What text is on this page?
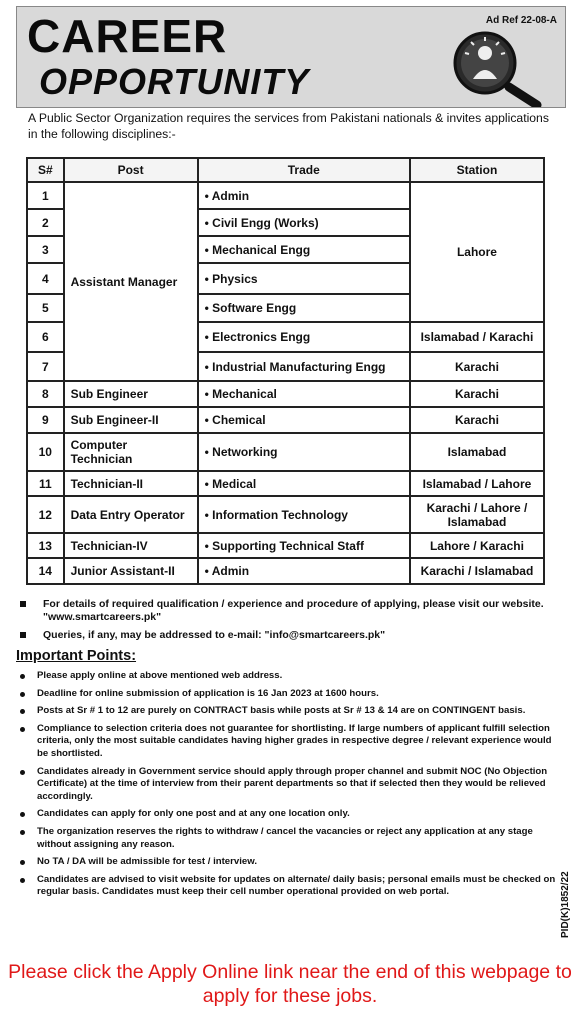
CAREER
OPPORTUNITY
Ad Ref 22-08-A
A Public Sector Organization requires the services from Pakistani nationals & invites applications in the following disciplines:-
S#	Post	Trade	Station
1	Assistant Manager	• Admin	Lahore
2		• Civil Engg (Works)
3		• Mechanical Engg
4		• Physics
5		• Software Engg
6		• Electronics Engg	Islamabad / Karachi
7		• Industrial Manufacturing Engg	Karachi
8	Sub Engineer	• Mechanical	Karachi
9	Sub Engineer-II	• Chemical	Karachi
10	Computer Technician	• Networking	Islamabad
11	Technician-II	• Medical	Islamabad / Lahore
12	Data Entry Operator	• Information Technology	Karachi / Lahore / Islamabad
13	Technician-IV	• Supporting Technical Staff	Lahore / Karachi
14	Junior Assistant-II	• Admin	Karachi / Islamabad
For details of required qualification / experience and procedure of applying, please visit our website. "www.smartcareers.pk"
Queries, if any, may be addressed to e-mail: "info@smartcareers.pk"
Important Points:
Please apply online at above mentioned web address.
Deadline for online submission of application is 16 Jan 2023 at 1600 hours.
Posts at Sr # 1 to 12 are purely on CONTRACT basis while posts at Sr # 13 & 14 are on CONTINGENT basis.
Compliance to selection criteria does not guarantee for shortlisting. If large numbers of applicant fulfill selection criteria, only the most suitable candidates having higher grades in respective degree / relevant experience would be shortlisted.
Candidates already in Government service should apply through proper channel and submit NOC (No Objection Certificate) at the time of interview from their parent departments so that if selected then they would be relieved accordingly.
Candidates can apply for only one post and at any one location only.
The organization reserves the rights to withdraw / cancel the vacancies or reject any application at any stage without assigning any reason.
No TA / DA will be admissible for test / interview.
Candidates are advised to visit website for updates on alternate/ daily basis; personal emails must be checked on regular basis. Candidates must keep their cell number operational provided on web portal.	PID(K)1852/22
Please click the Apply Online link near the end of this webpage to apply for these jobs.
